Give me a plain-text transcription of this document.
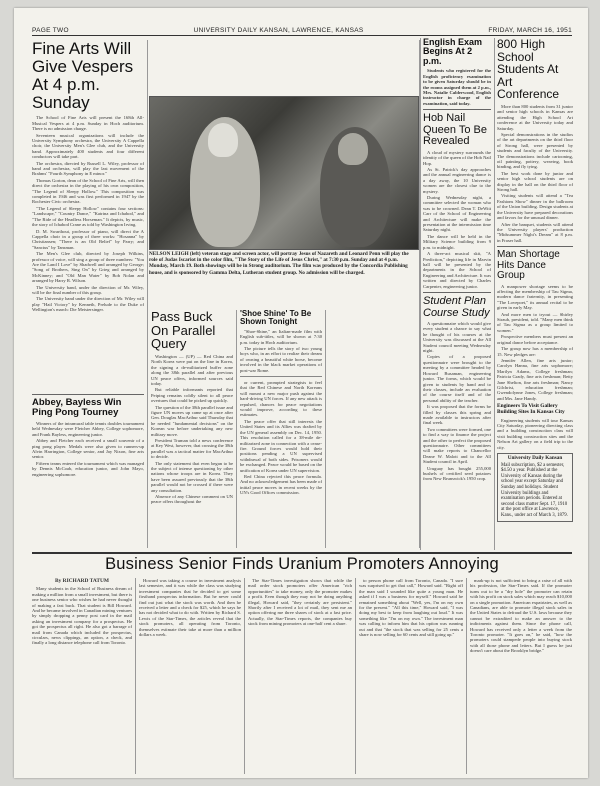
PAGE TWO	UNIVERSITY DAILY KANSAN, LAWRENCE, KANSAS	FRIDAY, MARCH 16, 1951
Fine Arts Will Give Vespers At 4 p.m. Sunday

The School of Fine Arts will present the 168th All-Musical Vespers at 4 p.m. Sunday in Hoch auditorium. There is no admission charge.

Seventeen musical organizations will include the University Symphony orchestra, the University A Cappella choir, the University Men's Glee club, and the University band. Approximately 400 students and four different conductors will take part.

The orchestra, directed by Russell L. Wiley, professor of band and orchestra, will play the last movement of the Brahms' "Fourth Symphony in E minor."

Thomas Gorton, dean of the School of Fine Arts, will then direct the orchestra in the playing of his own composition, "The Legend of Sleepy Hollow." This composition was completed in 1946 and was first performed in 1947 by the Rochester Civic orchestra.

"The Legend of Sleepy Hollow" contains four sections: "Landscape," "Country Dance," "Katrina and Ichabod," and "The Ride of the Headless Horseman." It depicts, by music, the story of Ichabod Crane as told by Washington Irving.

D. M. Swarthout, professor of piano, will direct the A Cappella choir in a group of three works: "Hosanna" by Christiansen; "There is an Old Belief" by Parry; and "Sanctus" by Tansman.

The Men's Glee club, directed by Joseph Wilkins, professor of voice, will sing a group of three numbers: "You Are the Land I Love" by Shadwell and arranged by George; "Song of Brothers, Sing On" by Grieg and arranged by McKinney; and "Old Man Water" by Bob Nolan and arranged by Harry R. Wilson.

The University band, under the direction of Mr. Wiley, will be the final number of this group.

The University band under the direction of Mr. Wiley will play "Hail Victory" by Kenneth, Prelude to the Duke of Wellington's march: Die Meistersinger.

Abbey, Bayless Win Ping Pong Tourney

Winners of the intramural table tennis doubles tournament held Wednesday were Fletcher Abbey, College sophomore, and Frank Bayless, engineering junior.

Abbey and Fletcher each received a small souvenir of a ping pong player. Medals were also given to runners-up Alvin Harrington, College senior, and Jay Nixon, fine arts senior.

Fifteen teams entered the tournament which was managed by Dennis McCoab, education junior, and John Mayo, engineering sophomore.

NELSON LEIGH (left) veteran stage and screen actor, will portray Jesus of Nazareth and Leonard Penn will play the role of Judas Iscariot in the color film, "The Story of the Life of Jesus Christ," at 7:30 p.m. Sunday and at 4 p.m. Monday, March 19. Both showings will be in Strong auditorium. The film was produced by the Concordia Publishing house, and is sponsored by Gamma Delta, Lutheran student group. No admission will be charged.
Pass Buck On Parallel Query

Washington — (UP) — Red China and North Korea were put on the line in Korea, the signing a de-militarized buffer zone along the 38th parallel and after previous UN peace offers, informed sources said today.

But reliable informants reported that Peiping remains coldly silent to all peace overtures that could be picked up quickly.

The question of the 38th parallel issue and figure UN moves up came up at once after Gen. Douglas MacArthur said Thursday that he needed "fundamental decisions" on the Korean war before undertaking any new military move.

President Truman told a news conference at Key West, however, that crossing the 38th parallel was a tactical matter for MacArthur to decide.

The only statement that even began to be the subject of intense questioning by other nations whose troops are in Korea. They have been assured previously that the 38th parallel would not be crossed if there were any consultation.

Absence of any Chinese comment on UN peace offers throughout the

'Shoe Shine' To Be Shown Tonight

"Shoe-Shine," an Italian-made film with English sub-titles, will be shown at 7:30 p.m. today in Hoch auditorium.

The picture tells the story of two young boys who, in an effort to realize their dream of owning a beautiful white horse, become involved in the black market operations of post-war Rome.

or current, prompted strategists to feel that the Red Chinese and North Koreans will mount a new major push against the hard-driving UN forces. If any new attack is repulsed, chances for peace negotiations would improve, according to these estimates.

The peace offer that still interests the United States and its Allies was drafted by the UN general assembly on Dec. 14, 1950. This resolution called for a 38-mile de-militarized zone in connection with a cease-fire. Ground forces would hold their positions pending a UN supervised withdrawal of both sides. Prisoners would be exchanged. Peace would be based on the unification of Korea under UN supervision.

Red China rejected this peace formula. And no acknowledgement has been made of initial peace moves in recent weeks by the UN's Good Offices commission.

English Exam Begins At 2 p.m.

Students who registered for the English proficiency examination to be given Saturday should be in the rooms assigned them at 2 p.m., Mrs. Natalie Calderwood, English instructor in charge of the examination, said today.

Hob Nail Queen To Be Revealed

A cloud of mystery surrounds the identity of the queen of the Hob Nail Hop.

As St. Patrick's day approaches and the annual engineering dance is a day away, the 10 University women are the closest clue to the mystery.

During Wednesday night, a committee selected the woman who was to be crowned. Dean T. DeWitt Carr of the School of Engineering and Architecture will make the presentation at the intermission time Saturday night.

The dance will be held in the Military Science building from 9 p.m. to midnight.

A three-act musical skit, "A Prediction," depicting life in Marvin hall will be presented by the departments in the School of Engineering and Architecture. It was written and directed by Charles Carpenter, engineering junior.

Student Plan Course Study

A questionnaire which would give every student a chance to say what he thought of his courses at the University was discussed at the All Student council meeting Wednesday night.

Copies of a proposed questionnaire were brought to the meeting by a committee headed by Howard Busaman, engineering junior. The forms, which would be given to students by hand and to their classes, include an evaluation of the course itself and of the personal ability of the teacher.

It was proposed that the forms be filled by classes this spring and made available to instructors after final week.

Two committees were formed, one to find a way to finance the project and the other to perfect the proposed questionnaire. Other committees will make reports to Chancellor Deane W. Malott and to the All Student council in April.

Uruguay has bought 255,000 bushels of certified seed potatoes from New Brunswick's 1950 crop.

800 High School Students At Art Conference

More than 800 students from 31 junior and senior high schools in Kansas are attending the High School Art conference at the University today and Saturday.

Special demonstrations in the studios of the art departments on the third floor of Strong hall, were presented by students and faculty of the University. The demonstrations include cartooning, oil painting, pottery, weaving, book binding, and fly tying.

The best work done by junior and senior high school students are on display in the hall on the third floor of Strong hall.

Visiting students will attend a "Tea Fashions Show" dinner in the ballroom of the Union building. Design students at the University have prepared decorations and favors for the unusual dinner.

After the banquet, students will attend the University players' production "Midsummer Night's Dream" at 8 p.m. in Fraser hall.

Man Shortage Hits Dance Group

A manpower shortage seems to be affecting the membership of Tau Sigma, modern dance fraternity, in presenting "The Lovepoet," its annual recital to be given in early May.

And more men to tryout — Shirley Straub, president, told. "Many men think of Tau Sigma as a group limited to women."

Prospective members must present an original dance before acceptance.

The group now has a membership of 15. New pledges are:

Jennifer Allen, fine arts junior; Carolyn Hanna, fine arts sophomore; Marilyn Adams, College freshman; Patricia Grady, fine arts freshman; Betty Jane Shelton, fine arts freshman; Nancy Gilchrist, education freshman; Gwendolynne Jones, College freshman; and Mrs. Jane Handy.

Engineers To Visit Gallery Building Sites In Kansas City

Engineering students will tour Kansas City Saturday, pioneering directing class and a building construction class will visit building construction sites and the Nelson Art gallery on a field trip to the city.

University Daily Kansan
Mail subscription, $2 a semester, $4.50 a year. Published at the University of Kansas during the school year except Saturday and Sunday and holidays. Student University buildings and examination periods. Entered at second class matter Sept. 17, 1910 at the post office at Lawrence, Kans., under act of March 3, 1879.
Business Senior Finds Uranium Promoters Annoying
By RICHARD TATUM

Many students in the School of Business dream of making a million from a small investment, but there is one business senior who wishes he had never thought of making a fast buck. That student is Bill Howard. And he became involved in Canadian mining ventures by simply dropping a penny post card in the mail asking an investment company for a prospectus. He got the prospectus all right. He also got a barrage of mail from Canada which included the prospectus, circulars, news clippings, an option, a check, and finally a long distance telephone call from Toronto.

Howard was taking a course in investment analysis last semester, and it was while the class was studying investment companies that he decided to get some firsthand prospectus information. But he never could find out just what the stock was worth. And then he received a letter and a check for $25, which he says he has not decided what to do with. Written by Richard S. Lewis of the Star-Times, the articles reveal that the stock promoters, all operating from Toronto, themselves estimate their take at more than a million dollars a week.

The Star-Times investigation shows that while the mail order stock promoters offer American "rich opportunities" to take money, only the promoter makes a profit. Even though they may not be doing anything illegal, Howard said, "they certainly are persistent." Shortly after I received a lot of mail, they sent me an option offering me three shares of stock at a fast price. Actually, the Star-Times reports, the companies buy stock from mining promoters at one-half cent a share.

to person phone call from Toronto, Canada. "I sure was surprised to get that call," Howard said. "Right off the man said I sounded like quite a young man. He asked if I was a business for myself." Howard said he remained something about "Well, yes, I'm on my own for the present." "All this time," Howard said, "I was doing my best to keep from laughing out loud." It was something like "I'm on my own." The investment man was calling to inform him that his option was running out and that "the stock that was selling for 25 cents a share is now selling for 60 cents and still going up."

mark-up is not sufficient to bring a raise of all with his profession, the Star-Times said. If the promoter turns out to be a "dry hole" the promoter can retain with his profit on stock sales which may reach $10,000 on a single promotion. American expatriates, as well as Canadians, are able to promote illegal stock sales in the United States to defraud the U.S. laws because they cannot be extradited to make an answer to the indictments against them. Since the phone call, Howard has received only a letter a week from the Toronto promoter. "It goes on," he said, "how the promoters could stampede people into buying stock with all those phone and letters. But I guess he just doesn't care about the Brooklyn bridge."
